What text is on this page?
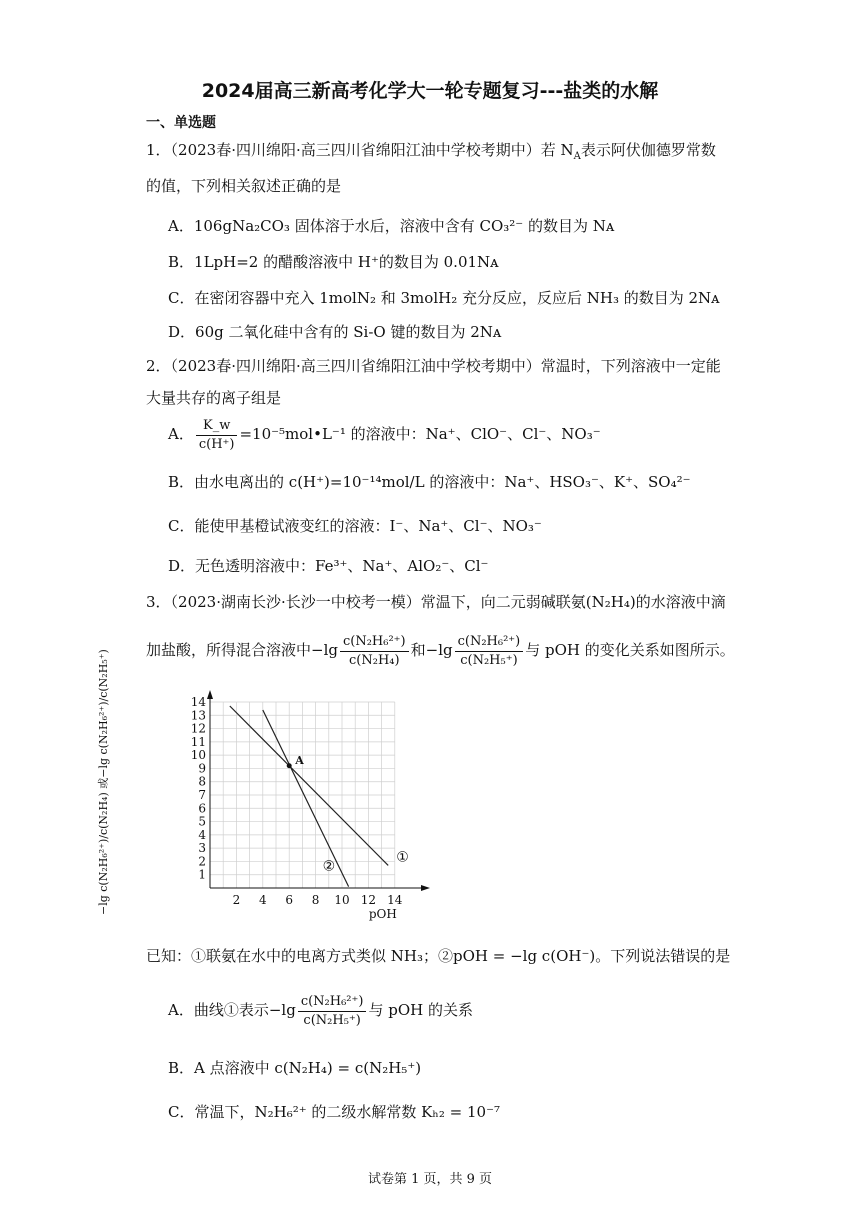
2024届高三新高考化学大一轮专题复习---盐类的水解
一、单选题
1．（2023春·四川绵阳·高三四川省绵阳江油中学校考期中）若 $N_A$表示阿伏伽德罗常数
的值，下列相关叙述正确的是
A．106gNa₂CO₃ 固体溶于水后，溶液中含有 CO₃²⁻ 的数目为 Nᴀ
B．1LpH=2 的醋酸溶液中 H⁺的数目为 0.01Nᴀ
C．在密闭容器中充入 1molN₂ 和 3molH₂ 充分反应，反应后 NH₃ 的数目为 2Nᴀ
D．60g 二氧化硅中含有的 Si-O 键的数目为 2Nᴀ
2．（2023春·四川绵阳·高三四川省绵阳江油中学校考期中）常温时，下列溶液中一定能
大量共存的离子组是
A． $\frac{K\_w}{c(H^+)}$ =10⁻⁵mol•L⁻¹ 的溶液中：Na⁺、ClO⁻、Cl⁻、NO₃⁻
B．由水电离出的 c(H⁺)=10⁻¹⁴mol/L 的溶液中：Na⁺、HSO₃⁻、K⁺、SO₄²⁻
C．能使甲基橙试液变红的溶液：I⁻、Na⁺、Cl⁻、NO₃⁻
D．无色透明溶液中：Fe³⁺、Na⁺、AlO₂⁻、Cl⁻
3．（2023·湖南长沙·长沙一中校考一模）常温下，向二元弱碱联氨(N₂H₄)的水溶液中滴
加盐酸，所得混合溶液中$-\lg \frac{\text{c(N₂H₆²⁺)}}{\text{c(N₂H₄)}}$ 和$-\lg \frac{\text{c(N₂H₆²⁺)}}{\text{c(N₂H₅⁺)}}$ 与 pOH 的变化关系如图所示。
2 4 6 8 10 12 14
1
2
3
4
5
6
7
8
9
10
11
12
13
14
pOH
①
②
A
−lg c(N₂H₆²⁺)/c(N₂H₄) 或−lg c(N₂H₆²⁺)/c(N₂H₅⁺)
已知：①联氨在水中的电离方式类似 NH₃；②pOH = −lg c(OH⁻)。下列说法错误的是
A．曲线①表示$-\lg \frac{\text{c(N₂H₆²⁺)}}{\text{c(N₂H₅⁺)}}$ 与 pOH 的关系
B．A 点溶液中 c(N₂H₄) = c(N₂H₅⁺)
C．常温下，N₂H₆²⁺ 的二级水解常数 Kₕ₂ = 10⁻⁷
试卷第 1 页，共 9 页
